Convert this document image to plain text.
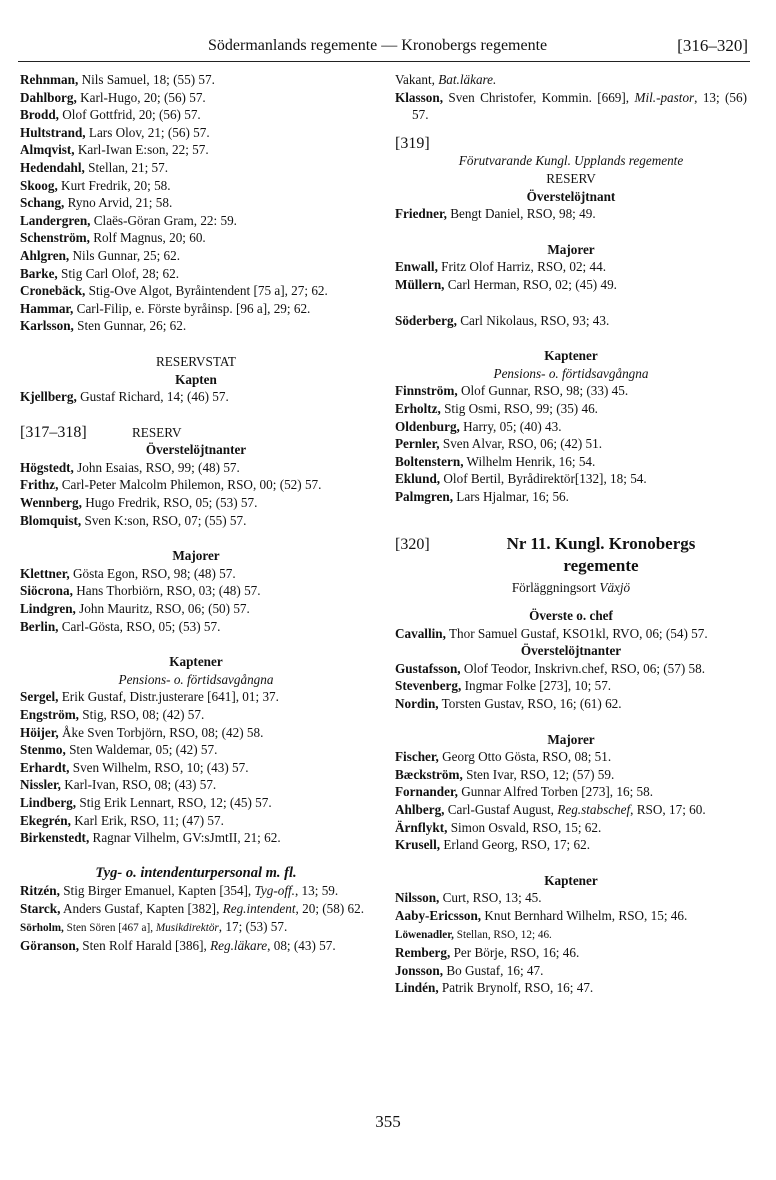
Södermanlands regemente — Kronobergs regemente	[316–320]
Rehnman, Nils Samuel, 18; (55) 57.
Dahlborg, Karl-Hugo, 20; (56) 57.
Brodd, Olof Gottfrid, 20; (56) 57.
Hultstrand, Lars Olov, 21; (56) 57.
Almqvist, Karl-Iwan E:son, 22; 57.
Hedendahl, Stellan, 21; 57.
Skoog, Kurt Fredrik, 20; 58.
Schang, Ryno Arvid, 21; 58.
Landergren, Claës-Göran Gram, 22: 59.
Schenström, Rolf Magnus, 20; 60.
Ahlgren, Nils Gunnar, 25; 62.
Barke, Stig Carl Olof, 28; 62.
Cronebäck, Stig-Ove Algot, Byråintendent [75 a], 27; 62.
Hammar, Carl-Filip, e. Förste byråinsp. [96 a], 29; 62.
Karlsson, Sten Gunnar, 26; 62.
RESERVSTAT
Kapten
Kjellberg, Gustaf Richard, 14; (46) 57.
[317–318]	RESERV
Överstelöjtnanter
Högstedt, John Esaias, RSO, 99; (48) 57.
Frithz, Carl-Peter Malcolm Philemon, RSO, 00; (52) 57.
Wennberg, Hugo Fredrik, RSO, 05; (53) 57.
Blomquist, Sven K:son, RSO, 07; (55) 57.
Majorer
Klettner, Gösta Egon, RSO, 98; (48) 57.
Siöcrona, Hans Thorbiörn, RSO, 03; (48) 57.
Lindgren, John Mauritz, RSO, 06; (50) 57.
Berlin, Carl-Gösta, RSO, 05; (53) 57.
Kaptener
Pensions- o. förtidsavgångna
Sergel, Erik Gustaf, Distr.justerare [641], 01; 37.
Engström, Stig, RSO, 08; (42) 57.
Höijer, Åke Sven Torbjörn, RSO, 08; (42) 58.
Stenmo, Sten Waldemar, 05; (42) 57.
Erhardt, Sven Wilhelm, RSO, 10; (43) 57.
Nissler, Karl-Ivan, RSO, 08; (43) 57.
Lindberg, Stig Erik Lennart, RSO, 12; (45) 57.
Ekegrén, Karl Erik, RSO, 11; (47) 57.
Birkenstedt, Ragnar Vilhelm, GV:sJmtII, 21; 62.
Tyg- o. intendenturpersonal m. fl.
Ritzén, Stig Birger Emanuel, Kapten [354], Tyg-off., 13; 59.
Starck, Anders Gustaf, Kapten [382], Reg.intendent, 20; (58) 62.
Sörholm, Sten Sören [467 a], Musikdirektör, 17; (53) 57.
Göranson, Sten Rolf Harald [386], Reg.läkare, 08; (43) 57.
Vakant, Bat.läkare.
Klasson, Sven Christofer, Kommin. [669], Mil.-pastor, 13; (56) 57.
[319]
Förutvarande Kungl. Upplands regemente
RESERV
Överstelöjtnant
Friedner, Bengt Daniel, RSO, 98; 49.
Majorer
Enwall, Fritz Olof Harriz, RSO, 02; 44.
Müllern, Carl Herman, RSO, 02; (45) 49.
Söderberg, Carl Nikolaus, RSO, 93; 43.
Kaptener
Pensions- o. förtidsavgångna
Finnström, Olof Gunnar, RSO, 98; (33) 45.
Erholtz, Stig Osmi, RSO, 99; (35) 46.
Oldenburg, Harry, 05; (40) 43.
Pernler, Sven Alvar, RSO, 06; (42) 51.
Boltenstern, Wilhelm Henrik, 16; 54.
Eklund, Olof Bertil, Byrådirektör[132], 18; 54.
Palmgren, Lars Hjalmar, 16; 56.
[320]	Nr 11. Kungl. Kronobergs
regemente
Förläggningsort Växjö
Överste o. chef
Cavallin, Thor Samuel Gustaf, KSO1kl, RVO, 06; (54) 57.
Överstelöjtnanter
Gustafsson, Olof Teodor, Inskrivn.chef, RSO, 06; (57) 58.
Stevenberg, Ingmar Folke [273], 10; 57.
Nordin, Torsten Gustav, RSO, 16; (61) 62.
Majorer
Fischer, Georg Otto Gösta, RSO, 08; 51.
Bæckström, Sten Ivar, RSO, 12; (57) 59.
Fornander, Gunnar Alfred Torben [273], 16; 58.
Ahlberg, Carl-Gustaf August, Reg.stabschef, RSO, 17; 60.
Ärnflykt, Simon Osvald, RSO, 15; 62.
Krusell, Erland Georg, RSO, 17; 62.
Kaptener
Nilsson, Curt, RSO, 13; 45.
Aaby-Ericsson, Knut Bernhard Wilhelm, RSO, 15; 46.
Löwenadler, Stellan, RSO, 12; 46.
Remberg, Per Börje, RSO, 16; 46.
Jonsson, Bo Gustaf, 16; 47.
Lindén, Patrik Brynolf, RSO, 16; 47.
355
